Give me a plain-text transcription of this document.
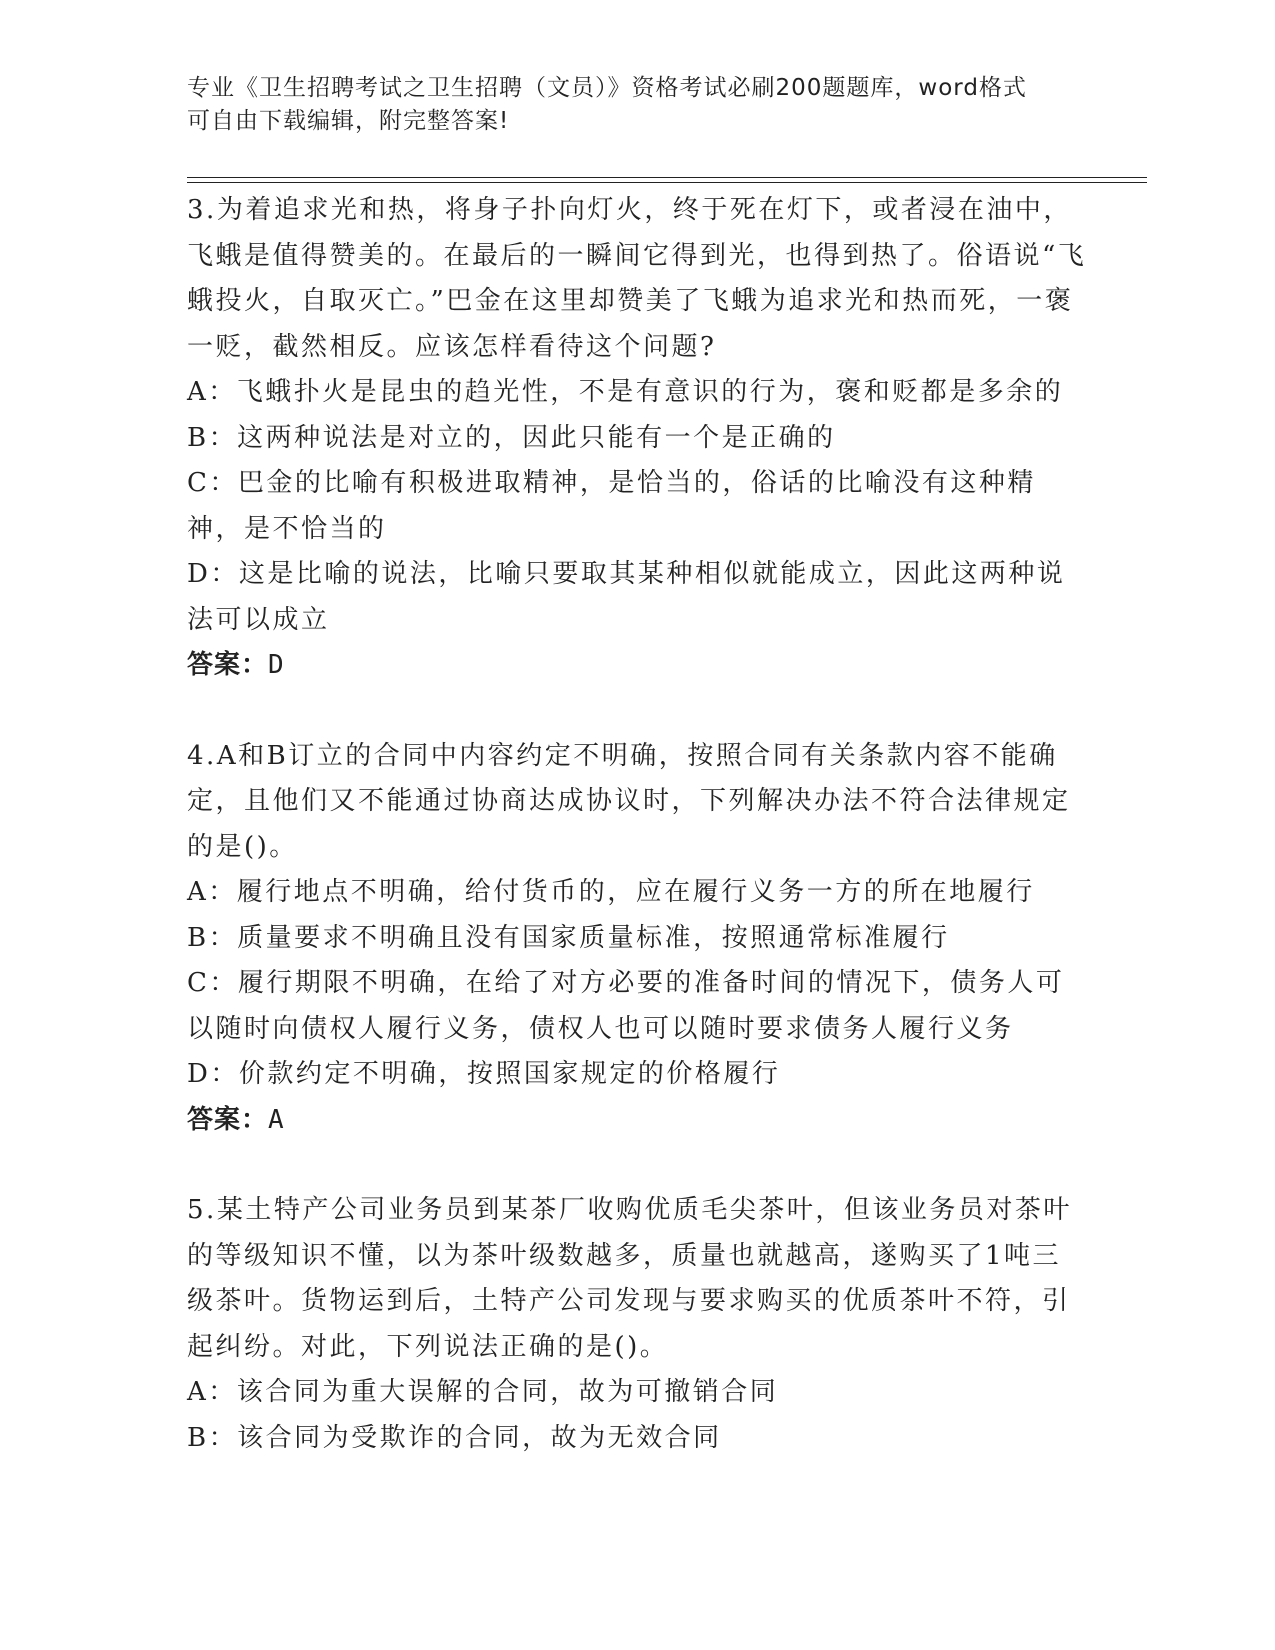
专业《卫生招聘考试之卫生招聘（文员）》资格考试必刷200题题库，word格式
可自由下载编辑，附完整答案!
3.为着追求光和热，将身子扑向灯火，终于死在灯下，或者浸在油中，飞蛾是值得赞美的。在最后的一瞬间它得到光，也得到热了。俗语说“飞蛾投火，自取灭亡。”巴金在这里却赞美了飞蛾为追求光和热而死，一褒一贬，截然相反。应该怎样看待这个问题?
A：飞蛾扑火是昆虫的趋光性，不是有意识的行为，褒和贬都是多余的
B：这两种说法是对立的，因此只能有一个是正确的
C：巴金的比喻有积极进取精神，是恰当的，俗话的比喻没有这种精神，是不恰当的
D：这是比喻的说法，比喻只要取其某种相似就能成立，因此这两种说法可以成立
答案：D
4.A和B订立的合同中内容约定不明确，按照合同有关条款内容不能确定，且他们又不能通过协商达成协议时，下列解决办法不符合法律规定的是()。
A：履行地点不明确，给付货币的，应在履行义务一方的所在地履行
B：质量要求不明确且没有国家质量标准，按照通常标准履行
C：履行期限不明确，在给了对方必要的准备时间的情况下，债务人可以随时向债权人履行义务，债权人也可以随时要求债务人履行义务
D：价款约定不明确，按照国家规定的价格履行
答案：A
5.某土特产公司业务员到某茶厂收购优质毛尖茶叶，但该业务员对茶叶的等级知识不懂，以为茶叶级数越多，质量也就越高，遂购买了1吨三级茶叶。货物运到后，土特产公司发现与要求购买的优质茶叶不符，引起纠纷。对此，下列说法正确的是()。
A：该合同为重大误解的合同，故为可撤销合同
B：该合同为受欺诈的合同，故为无效合同
